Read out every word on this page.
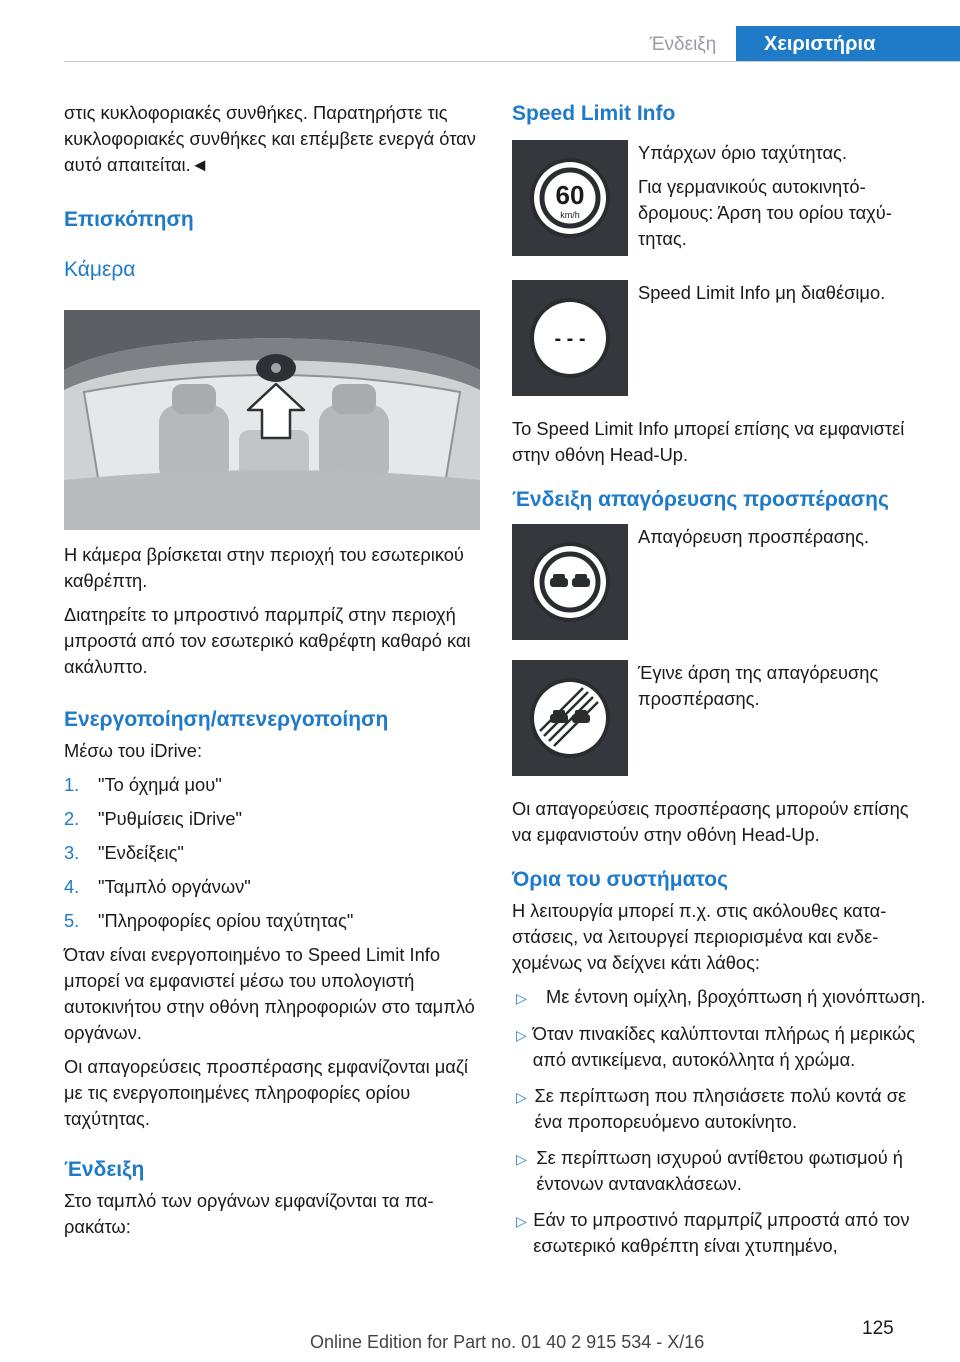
Ένδειξη	Χειριστήρια

στις κυκλοφοριακές συνθήκες. Παρατηρήστε τις κυκλοφοριακές συνθήκες και επέμβετε ενεργά όταν αυτό απαιτείται.◄

Επισκόπηση
Κάμερα

Η κάμερα βρίσκεται στην περιοχή του εσωτερικού καθρέπτη.

Διατηρείτε το μπροστινό παρμπρίζ στην περιοχή μπροστά από τον εσωτερικό καθρέφτη καθαρό και ακάλυπτο.

Ενεργοποίηση/απενεργοποίηση

Μέσω του iDrive:

1.	"Το όχημά μου"
2.	"Ρυθμίσεις iDrive"
3.	"Ενδείξεις"
4.	"Ταμπλό οργάνων"
5.	"Πληροφορίες ορίου ταχύτητας"

Όταν είναι ενεργοποιημένο το Speed Limit Info μπορεί να εμφανιστεί μέσω του υπολογιστή αυτοκινήτου στην οθόνη πληροφοριών στο ταμπλό οργάνων.

Οι απαγορεύσεις προσπέρασης εμφανίζονται μαζί με τις ενεργοποιημένες πληροφορίες ορίου ταχύτητας.

Ένδειξη

Στο ταμπλό των οργάνων εμφανίζονται τα παρακάτω:

Speed Limit Info
60
km/h

Υπάρχων όριο ταχύτητας.

Για γερμανικούς αυτοκινητόδρομους: Άρση του ορίου ταχύτητας.

- - -

Speed Limit Info μη διαθέσιμο.

Το Speed Limit Info μπορεί επίσης να εμφανιστεί στην οθόνη Head-Up.

Ένδειξη απαγόρευσης προσπέρασης

Απαγόρευση προσπέρασης.

Έγινε άρση της απαγόρευσης προσπέρασης.

Οι απαγορεύσεις προσπέρασης μπορούν επίσης να εμφανιστούν στην οθόνη Head-Up.

Όρια του συστήματος

Η λειτουργία μπορεί π.χ. στις ακόλουθες καταστάσεις, να λειτουργεί περιορισμένα και ενδεχομένως να δείχνει κάτι λάθος:

▷	Με έντονη ομίχλη, βροχόπτωση ή χιονόπτωση.
▷ Όταν πινακίδες καλύπτονται πλήρως ή μερικώς από αντικείμενα, αυτοκόλλητα ή χρώμα.
▷ Σε περίπτωση που πλησιάσετε πολύ κοντά σε ένα προπορευόμενο αυτοκίνητο.
▷ Σε περίπτωση ισχυρού αντίθετου φωτισμού ή έντονων αντανακλάσεων.
▷ Εάν το μπροστινό παρμπρίζ μπροστά από τον εσωτερικό καθρέπτη είναι χτυπημένο,
125
Online Edition for Part no. 01 40 2 915 534 - X/16
